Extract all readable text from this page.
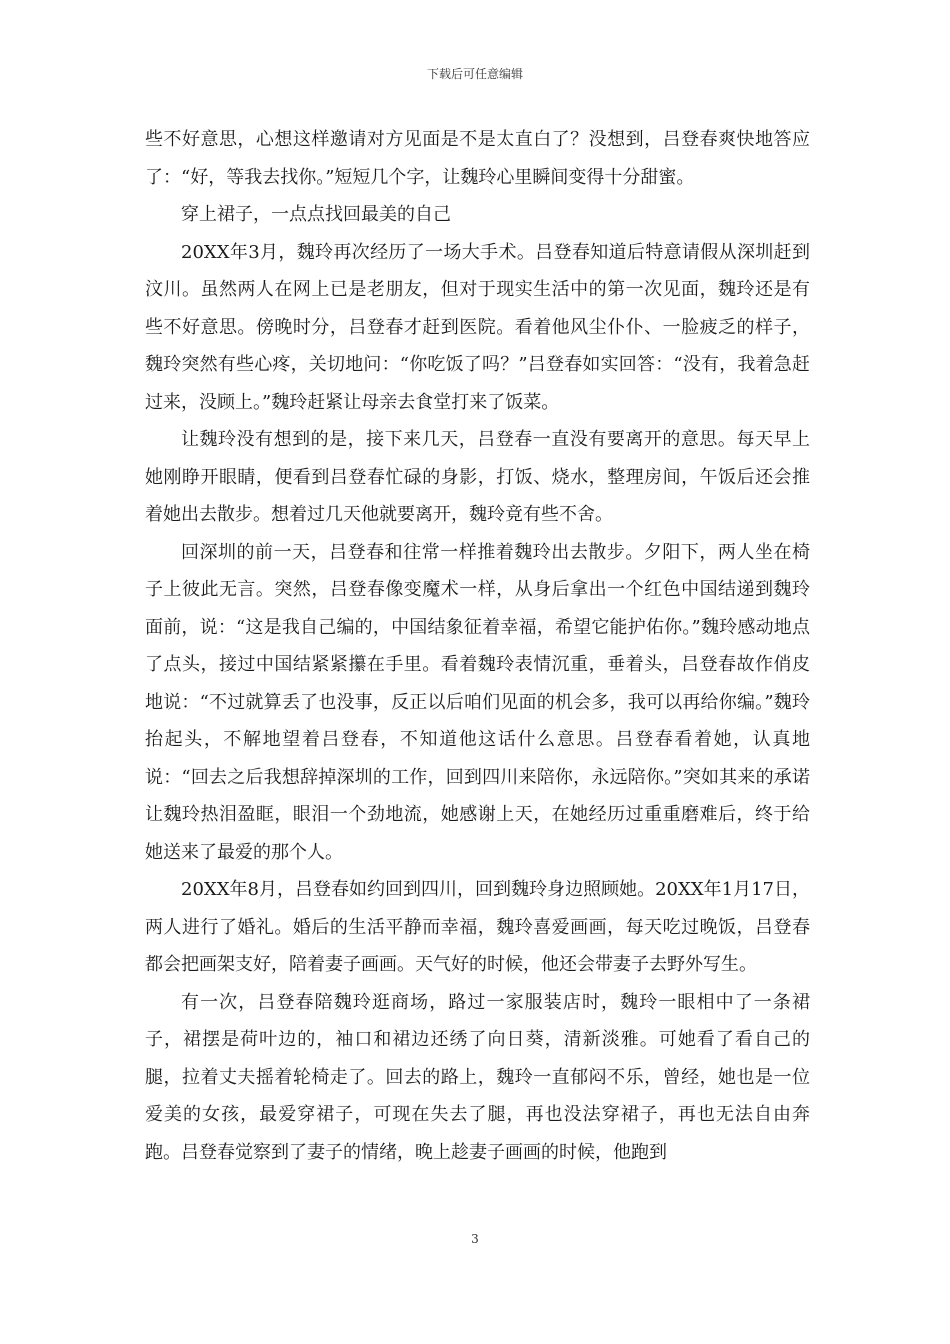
下载后可任意编辑

些不好意思，心想这样邀请对方见面是不是太直白了？没想到，吕登春爽快地答应了：“好，等我去找你。”短短几个字，让魏玲心里瞬间变得十分甜蜜。

穿上裙子，一点点找回最美的自己

20XX年3月，魏玲再次经历了一场大手术。吕登春知道后特意请假从深圳赶到汶川。虽然两人在网上已是老朋友，但对于现实生活中的第一次见面，魏玲还是有些不好意思。傍晚时分，吕登春才赶到医院。看着他风尘仆仆、一脸疲乏的样子，魏玲突然有些心疼，关切地问：“你吃饭了吗？”吕登春如实回答：“没有，我着急赶过来，没顾上。”魏玲赶紧让母亲去食堂打来了饭菜。

让魏玲没有想到的是，接下来几天，吕登春一直没有要离开的意思。每天早上她刚睁开眼睛，便看到吕登春忙碌的身影，打饭、烧水，整理房间，午饭后还会推着她出去散步。想着过几天他就要离开，魏玲竟有些不舍。

回深圳的前一天，吕登春和往常一样推着魏玲出去散步。夕阳下，两人坐在椅子上彼此无言。突然，吕登春像变魔术一样，从身后拿出一个红色中国结递到魏玲面前，说：“这是我自己编的，中国结象征着幸福，希望它能护佑你。”魏玲感动地点了点头，接过中国结紧紧攥在手里。看着魏玲表情沉重，垂着头，吕登春故作俏皮地说：“不过就算丢了也没事，反正以后咱们见面的机会多，我可以再给你编。”魏玲抬起头，不解地望着吕登春，不知道他这话什么意思。吕登春看着她，认真地说：“回去之后我想辞掉深圳的工作，回到四川来陪你，永远陪你。”突如其来的承诺让魏玲热泪盈眶，眼泪一个劲地流，她感谢上天，在她经历过重重磨难后，终于给她送来了最爱的那个人。

20XX年8月，吕登春如约回到四川，回到魏玲身边照顾她。20XX年1月17日，两人进行了婚礼。婚后的生活平静而幸福，魏玲喜爱画画，每天吃过晚饭，吕登春都会把画架支好，陪着妻子画画。天气好的时候，他还会带妻子去野外写生。

有一次，吕登春陪魏玲逛商场，路过一家服装店时，魏玲一眼相中了一条裙子，裙摆是荷叶边的，袖口和裙边还绣了向日葵，清新淡雅。可她看了看自己的腿，拉着丈夫摇着轮椅走了。回去的路上，魏玲一直郁闷不乐，曾经，她也是一位爱美的女孩，最爱穿裙子，可现在失去了腿，再也没法穿裙子，再也无法自由奔跑。吕登春觉察到了妻子的情绪，晚上趁妻子画画的时候，他跑到

3
